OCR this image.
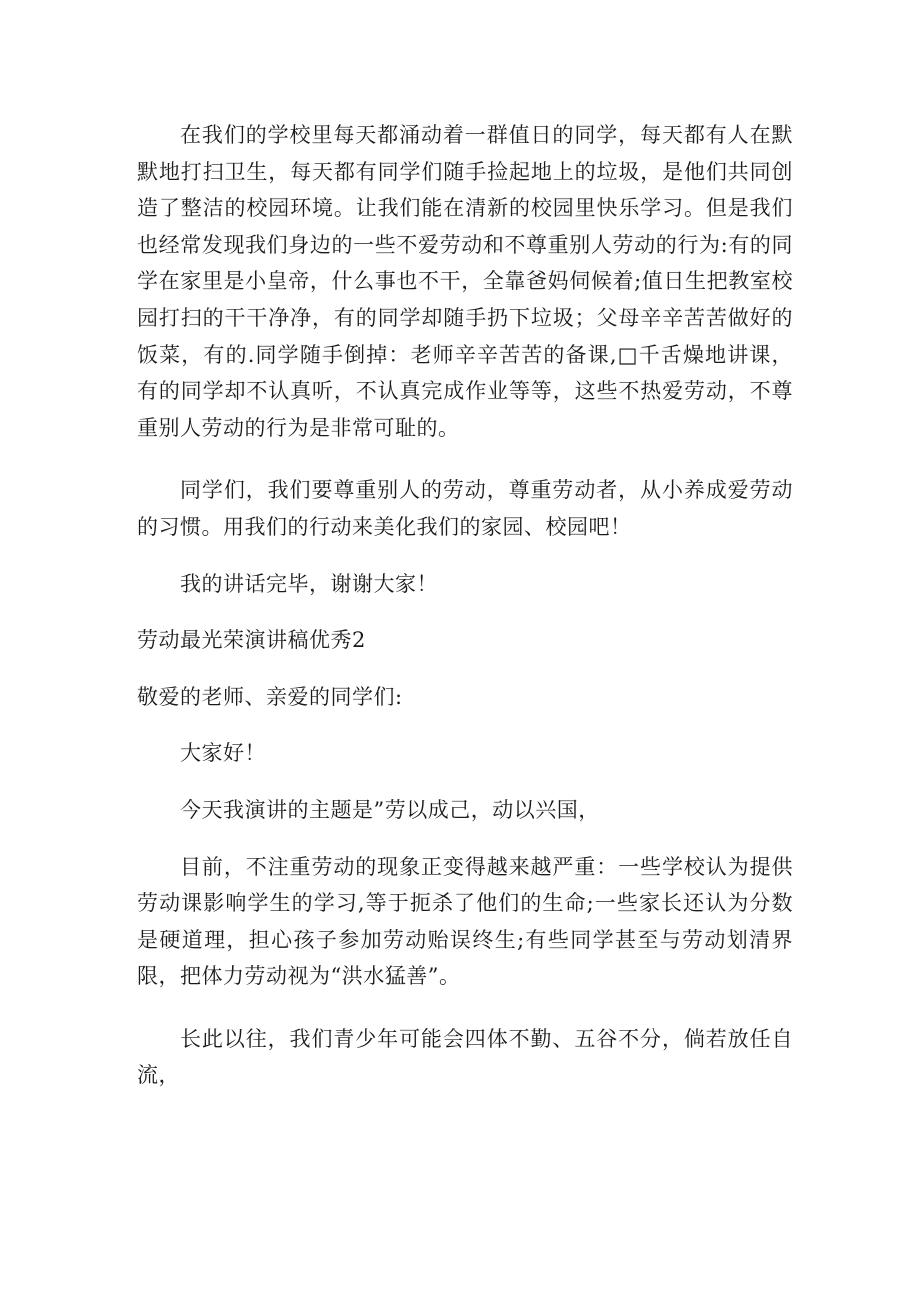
在我们的学校里每天都涌动着一群值日的同学，每天都有人在默默地打扫卫生，每天都有同学们随手捡起地上的垃圾，是他们共同创造了整洁的校园环境。让我们能在清新的校园里快乐学习。但是我们也经常发现我们身边的一些不爱劳动和不尊重别人劳动的行为:有的同学在家里是小皇帝，什么事也不干，全靠爸妈伺候着;值日生把教室校园打扫的干干净净，有的同学却随手扔下垃圾；父母辛辛苦苦做好的饭菜，有的.同学随手倒掉：老师辛辛苦苦的备课,□千舌燥地讲课，有的同学却不认真听，不认真完成作业等等，这些不热爱劳动，不尊重别人劳动的行为是非常可耻的。

同学们，我们要尊重别人的劳动，尊重劳动者，从小养成爱劳动的习惯。用我们的行动来美化我们的家园、校园吧！

我的讲话完毕，谢谢大家！

劳动最光荣演讲稿优秀2

敬爱的老师、亲爱的同学们:

大家好！

今天我演讲的主题是”劳以成己，动以兴国，

目前，不注重劳动的现象正变得越来越严重：一些学校认为提供劳动课影响学生的学习,等于扼杀了他们的生命;一些家长还认为分数是硬道理，担心孩子参加劳动贻误终生;有些同学甚至与劳动划清界限，把体力劳动视为“洪水猛善”。

长此以往，我们青少年可能会四体不勤、五谷不分，倘若放任自流，
